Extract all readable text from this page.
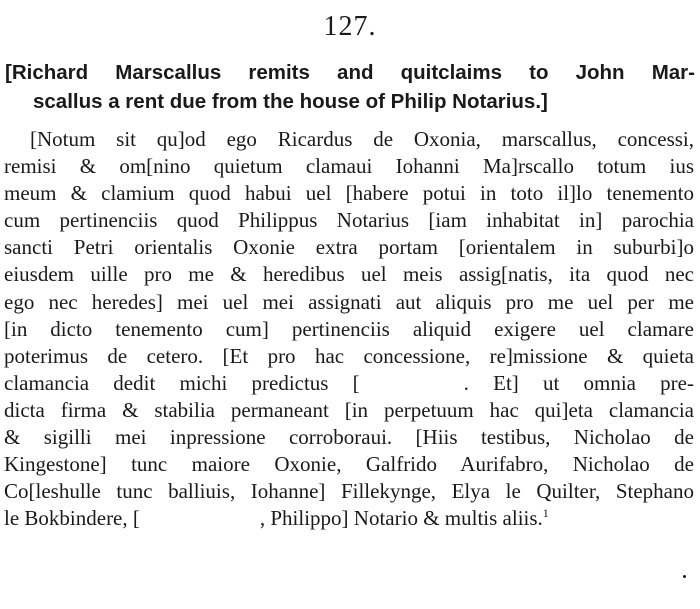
127.
[Richard Marscallus remits and quitclaims to John Mar-
scallus a rent due from the house of Philip Notarius.]
[Notum sit qu]od ego Ricardus de Oxonia, marscallus, concessi,
remisi & om[nino quietum clamaui Iohanni Ma]rscallo totum ius
meum & clamium quod habui uel [habere potui in toto il]lo tenemento
cum pertinenciis quod Philippus Notarius [iam inhabitat in] parochia
sancti Petri orientalis Oxonie extra portam [orientalem in suburbi]o
eiusdem uille pro me & heredibus uel meis assig[natis, ita quod nec
ego nec heredes] mei uel mei assignati aut aliquis pro me uel per me
[in dicto tenemento cum] pertinenciis aliquid exigere uel clamare
poterimus de cetero. [Et pro hac concessione, re]missione & quieta
clamancia dedit michi predictus [	. Et] ut omnia pre-
dicta firma & stabilia permaneant [in perpetuum hac qui]eta clamancia
& sigilli mei inpressione corroboraui. [Hiis testibus, Nicholao de
Kingestone] tunc maiore Oxonie, Galfrido Aurifabro, Nicholao de
Co[leshulle tunc balliuis, Iohanne] Fillekynge, Elya le Quilter, Stephano
le Bokbindere, [	, Philippo] Notario & multis aliis.$^1$
